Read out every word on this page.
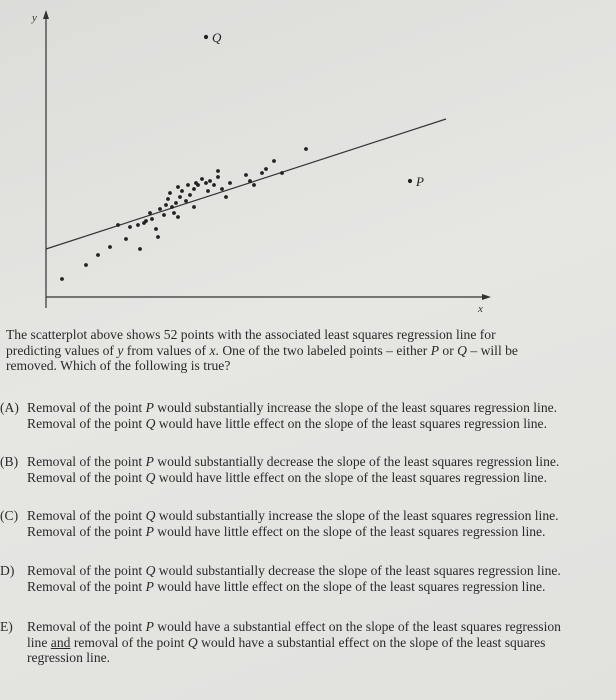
y
x
Q
P

The scatterplot above shows 52 points with the associated least squares regression line for
predicting values of y from values of x. One of the two labeled points – either P or Q – will be
removed. Which of the following is true?

(A) Removal of the point P would substantially increase the slope of the least squares regression line. Removal of the point Q would have little effect on the slope of the least squares regression line.
(B) Removal of the point P would substantially decrease the slope of the least squares regression line. Removal of the point Q would have little effect on the slope of the least squares regression line.
(C) Removal of the point Q would substantially increase the slope of the least squares regression line. Removal of the point P would have little effect on the slope of the least squares regression line.
D) Removal of the point Q would substantially decrease the slope of the least squares regression line. Removal of the point P would have little effect on the slope of the least squares regression line.
E) Removal of the point P would have a substantial effect on the slope of the least squares regression line and removal of the point Q would have a substantial effect on the slope of the least squares regression line.
